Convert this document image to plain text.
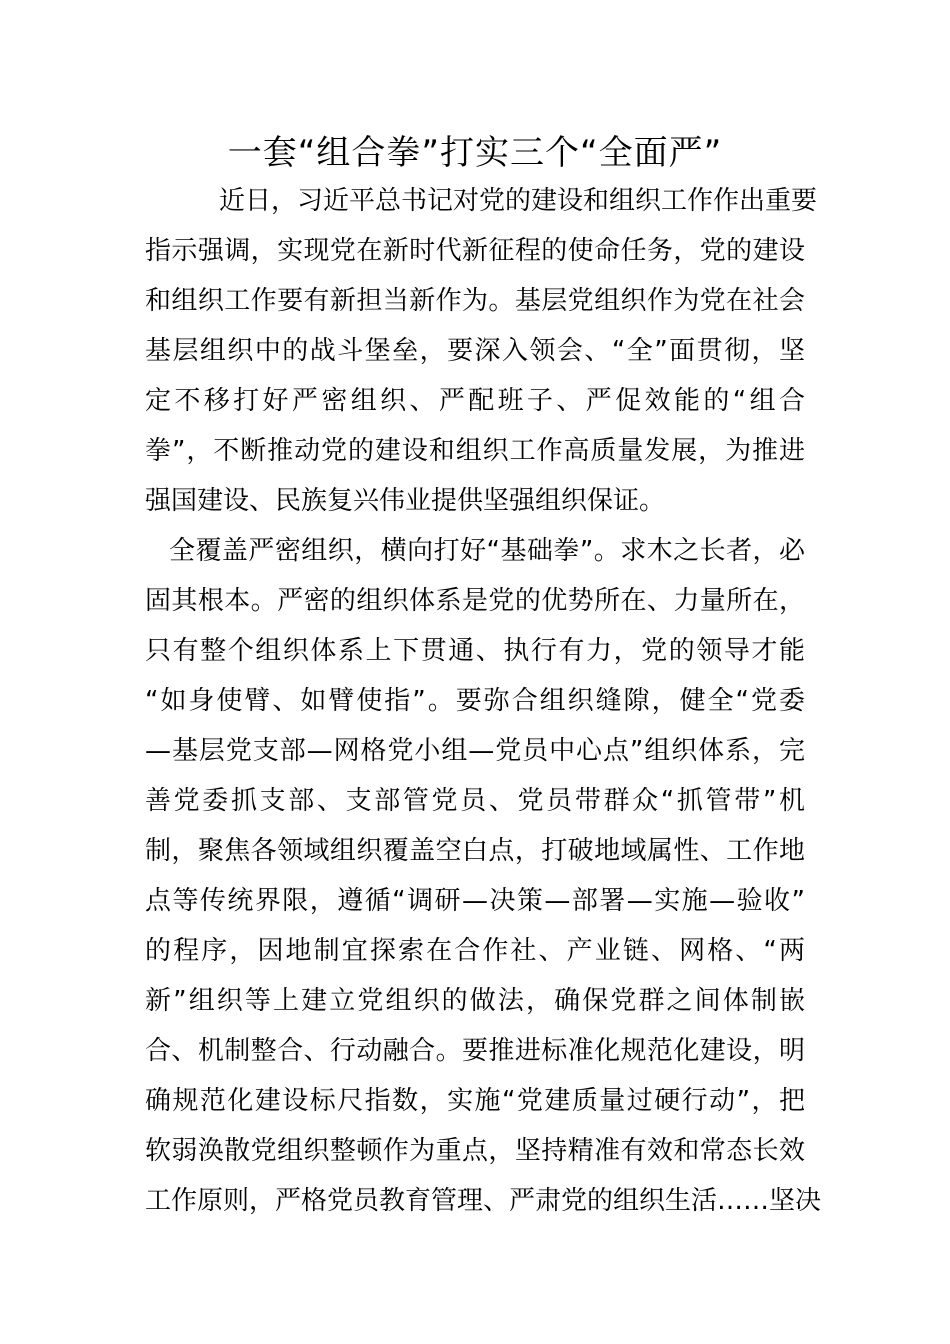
一套“组合拳”打实三个“全面严”
近日，习近平总书记对党的建设和组织工作作出重要
指示强调，实现党在新时代新征程的使命任务，党的建设
和组织工作要有新担当新作为。基层党组织作为党在社会
基层组织中的战斗堡垒，要深入领会、“全”面贯彻，坚
定不移打好严密组织、严配班子、严促效能的“组合
拳”，不断推动党的建设和组织工作高质量发展，为推进
强国建设、民族复兴伟业提供坚强组织保证。
全覆盖严密组织，横向打好“基础拳”。求木之长者，必
固其根本。严密的组织体系是党的优势所在、力量所在，
只有整个组织体系上下贯通、执行有力，党的领导才能
“如身使臂、如臂使指”。要弥合组织缝隙，健全“党委
—基层党支部—网格党小组—党员中心点”组织体系，完
善党委抓支部、支部管党员、党员带群众“抓管带”机
制，聚焦各领域组织覆盖空白点，打破地域属性、工作地
点等传统界限，遵循“调研—决策—部署—实施—验收”
的程序，因地制宜探索在合作社、产业链、网格、“两
新”组织等上建立党组织的做法，确保党群之间体制嵌
合、机制整合、行动融合。要推进标准化规范化建设，明
确规范化建设标尺指数，实施“党建质量过硬行动”，把
软弱涣散党组织整顿作为重点，坚持精准有效和常态长效
工作原则，严格党员教育管理、严肃党的组织生活……坚决
